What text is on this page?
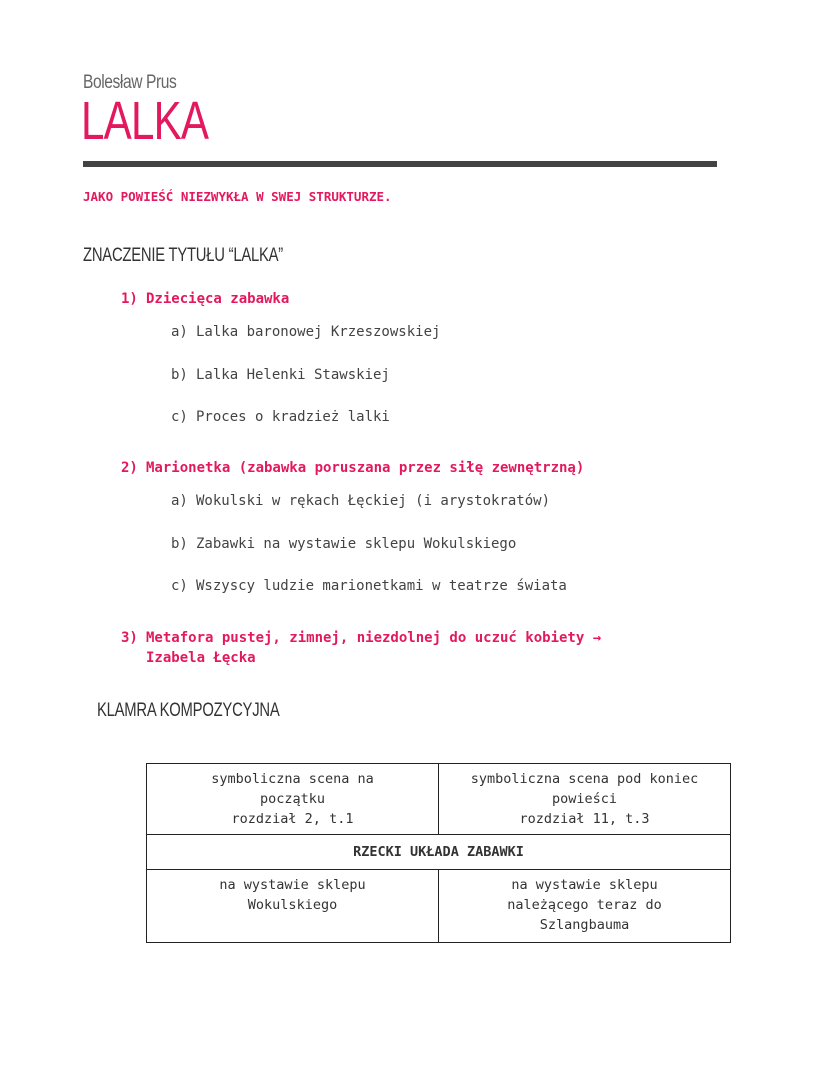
Bolesław Prus
LALKA
JAKO POWIEŚĆ NIEZWYKŁA W SWEJ STRUKTURZE.
ZNACZENIE TYTUŁU “LALKA”
1) Dziecięca zabawka
a) Lalka baronowej Krzeszowskiej
b) Lalka Helenki Stawskiej
c) Proces o kradzież lalki
2) Marionetka (zabawka poruszana przez siłę zewnętrzną)
a) Wokulski w rękach Łęckiej (i arystokratów)
b) Zabawki na wystawie sklepu Wokulskiego
c) Wszyscy ludzie marionetkami w teatrze świata
3) Metafora pustej, zimnej, niezdolnej do uczuć kobiety →
Izabela Łęcka
KLAMRA KOMPOZYCYJNA
symboliczna scena na
początku
rozdział 2, t.1	symboliczna scena pod koniec
powieści
rozdział 11, t.3

RZECKI UKŁADA ZABAWKI	

na wystawie sklepu
Wokulskiego	na wystawie sklepu
należącego teraz do
Szlangbauma
